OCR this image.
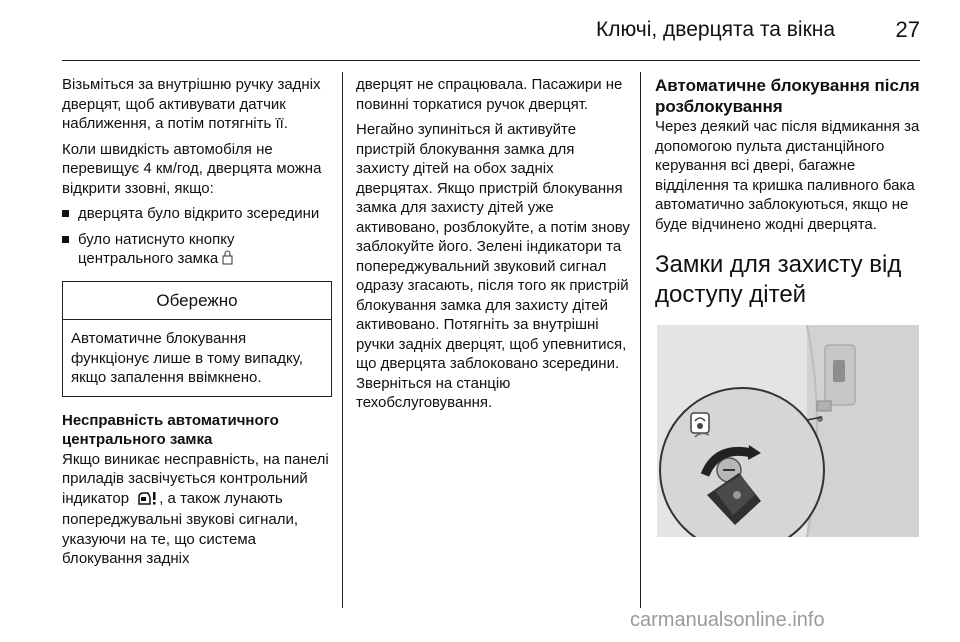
Ключі, дверцята та вікна	27

Візьміться за внутрішню ручку задніх дверцят, щоб активувати датчик наближення, а потім потягніть її.

Коли швидкість автомобіля не перевищує 4 км/год, дверцята можна відкрити ззовні, якщо:

дверцята було відкрито зсередини
було натиснуто кнопку центрального замка
Обережно
Автоматичне блокування функціонує лише в тому випадку, якщо запалення ввімкнено.
Несправність автоматичного центрального замка

Якщо виникає несправність, на панелі приладів засвічується контрольний індикатор , а також лунають попереджувальні звукові сигнали, указуючи на те, що система блокування задніх

дверцят не спрацювала. Пасажири не повинні торкатися ручок дверцят.

Негайно зупиніться й активуйте пристрій блокування замка для захисту дітей на обох задніх дверцятах. Якщо пристрій блокування замка для захисту дітей уже активовано, розблокуйте, а потім знову заблокуйте його. Зелені індикатори та попереджувальний звуковий сигнал одразу згасають, після того як пристрій блокування замка для захисту дітей активовано. Потягніть за внутрішні ручки задніх дверцят, щоб упевнитися, що дверцята заблоковано зсередини. Зверніться на станцію техобслуговування.

Автоматичне блокування після розблокування

Через деякий час після відмикання за допомогою пульта дистанційного керування всі двері, багажне відділення та кришка паливного бака автоматично заблокуються, якщо не буде відчинено жодні дверцята.

Замки для захисту від доступу дітей
carmanualsonline.info
